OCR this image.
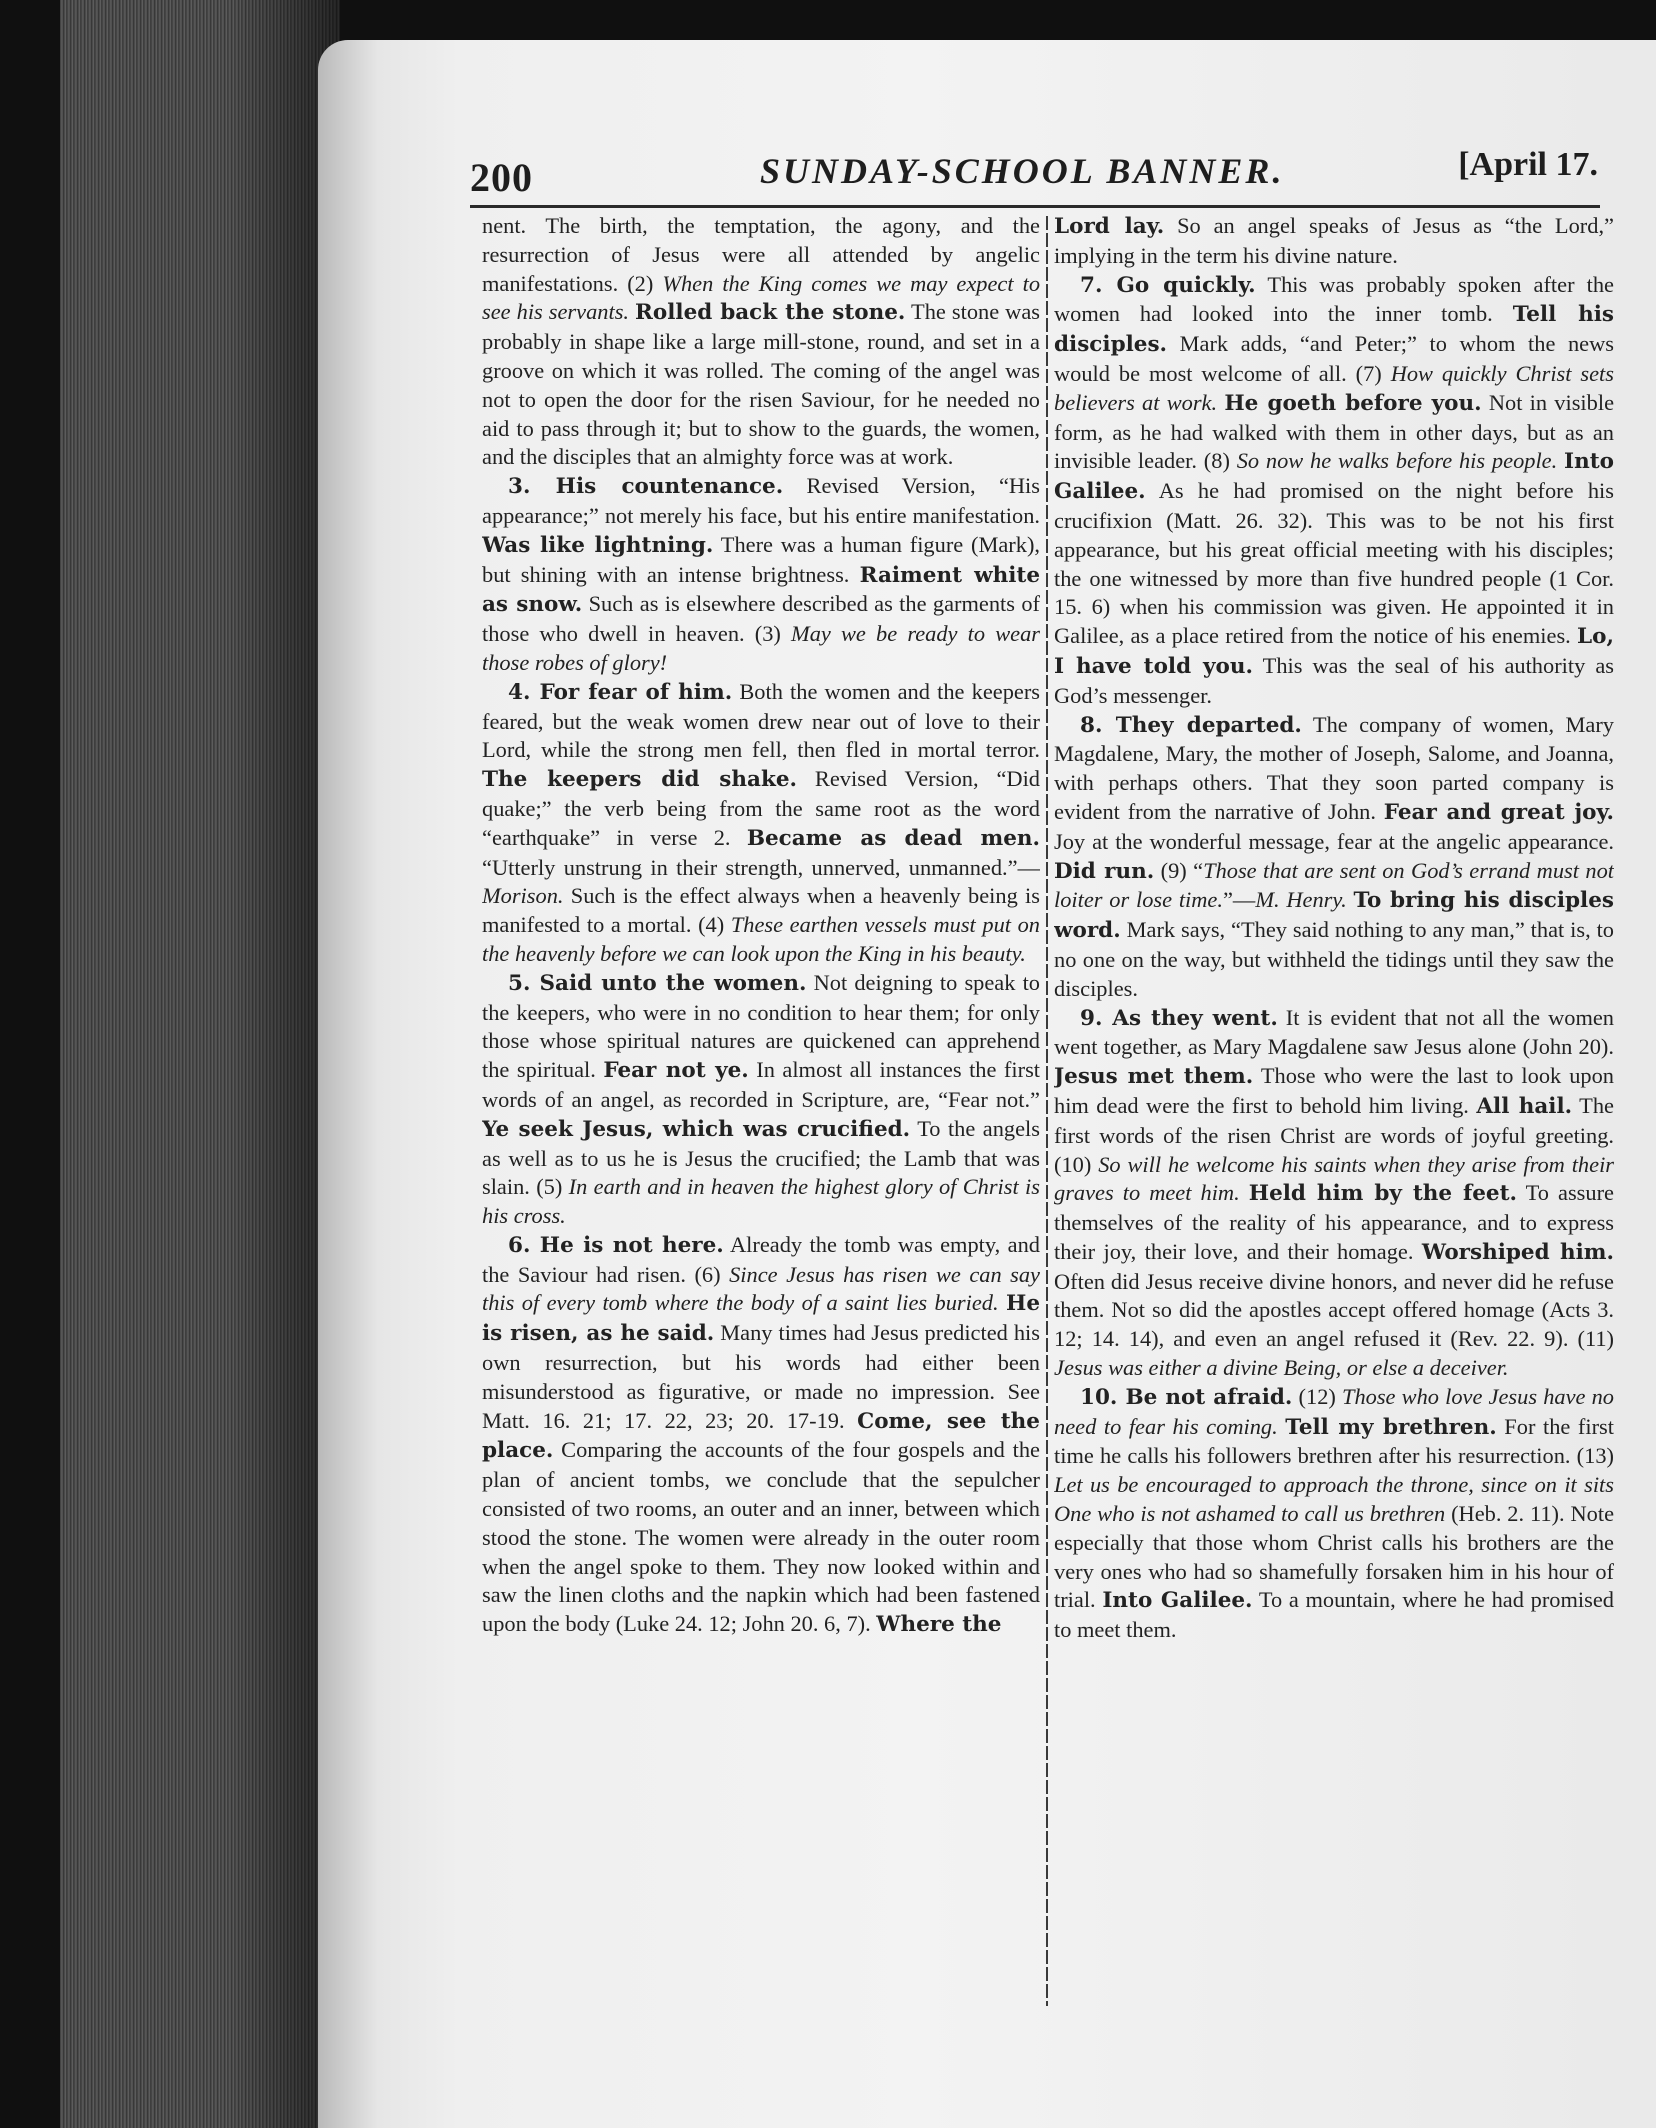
200	SUNDAY-SCHOOL BANNER.	[April 17.

nent. The birth, the temptation, the agony, and the resurrection of Jesus were all attended by angelic manifestations. (2) When the King comes we may expect to see his servants. Rolled back the stone. The stone was probably in shape like a large mill-stone, round, and set in a groove on which it was rolled. The coming of the angel was not to open the door for the risen Saviour, for he needed no aid to pass through it; but to show to the guards, the women, and the disciples that an almighty force was at work.

3. His countenance. Revised Version, “His appearance;” not merely his face, but his entire manifestation. Was like lightning. There was a human figure (Mark), but shining with an intense brightness. Raiment white as snow. Such as is elsewhere described as the garments of those who dwell in heaven. (3) May we be ready to wear those robes of glory!

4. For fear of him. Both the women and the keepers feared, but the weak women drew near out of love to their Lord, while the strong men fell, then fled in mortal terror. The keepers did shake. Revised Version, “Did quake;” the verb being from the same root as the word “earthquake” in verse 2. Became as dead men. “Utterly unstrung in their strength, unnerved, unmanned.”—Morison. Such is the effect always when a heavenly being is manifested to a mortal. (4) These earthen vessels must put on the heavenly before we can look upon the King in his beauty.

5. Said unto the women. Not deigning to speak to the keepers, who were in no condition to hear them; for only those whose spiritual natures are quickened can apprehend the spiritual. Fear not ye. In almost all instances the first words of an angel, as recorded in Scripture, are, “Fear not.” Ye seek Jesus, which was crucified. To the angels as well as to us he is Jesus the crucified; the Lamb that was slain. (5) In earth and in heaven the highest glory of Christ is his cross.

6. He is not here. Already the tomb was empty, and the Saviour had risen. (6) Since Jesus has risen we can say this of every tomb where the body of a saint lies buried. He is risen, as he said. Many times had Jesus predicted his own resurrection, but his words had either been misunderstood as figurative, or made no impression. See Matt. 16. 21; 17. 22, 23; 20. 17-19. Come, see the place. Comparing the accounts of the four gospels and the plan of ancient tombs, we conclude that the sepulcher consisted of two rooms, an outer and an inner, between which stood the stone. The women were already in the outer room when the angel spoke to them. They now looked within and saw the linen cloths and the napkin which had been fastened upon the body (Luke 24. 12; John 20. 6, 7). Where the

Lord lay. So an angel speaks of Jesus as “the Lord,” implying in the term his divine nature.

7. Go quickly. This was probably spoken after the women had looked into the inner tomb. Tell his disciples. Mark adds, “and Peter;” to whom the news would be most welcome of all. (7) How quickly Christ sets believers at work. He goeth before you. Not in visible form, as he had walked with them in other days, but as an invisible leader. (8) So now he walks before his people. Into Galilee. As he had promised on the night before his crucifixion (Matt. 26. 32). This was to be not his first appearance, but his great official meeting with his disciples; the one witnessed by more than five hundred people (1 Cor. 15. 6) when his commission was given. He appointed it in Galilee, as a place retired from the notice of his enemies. Lo, I have told you. This was the seal of his authority as God’s messenger.

8. They departed. The company of women, Mary Magdalene, Mary, the mother of Joseph, Salome, and Joanna, with perhaps others. That they soon parted company is evident from the narrative of John. Fear and great joy. Joy at the wonderful message, fear at the angelic appearance. Did run. (9) “Those that are sent on God’s errand must not loiter or lose time.”—M. Henry. To bring his disciples word. Mark says, “They said nothing to any man,” that is, to no one on the way, but withheld the tidings until they saw the disciples.

9. As they went. It is evident that not all the women went together, as Mary Magdalene saw Jesus alone (John 20). Jesus met them. Those who were the last to look upon him dead were the first to behold him living. All hail. The first words of the risen Christ are words of joyful greeting. (10) So will he welcome his saints when they arise from their graves to meet him. Held him by the feet. To assure themselves of the reality of his appearance, and to express their joy, their love, and their homage. Worshiped him. Often did Jesus receive divine honors, and never did he refuse them. Not so did the apostles accept offered homage (Acts 3. 12; 14. 14), and even an angel refused it (Rev. 22. 9). (11) Jesus was either a divine Being, or else a deceiver.

10. Be not afraid. (12) Those who love Jesus have no need to fear his coming. Tell my brethren. For the first time he calls his followers brethren after his resurrection. (13) Let us be encouraged to approach the throne, since on it sits One who is not ashamed to call us brethren (Heb. 2. 11). Note especially that those whom Christ calls his brothers are the very ones who had so shamefully forsaken him in his hour of trial. Into Galilee. To a mountain, where he had promised to meet them.
